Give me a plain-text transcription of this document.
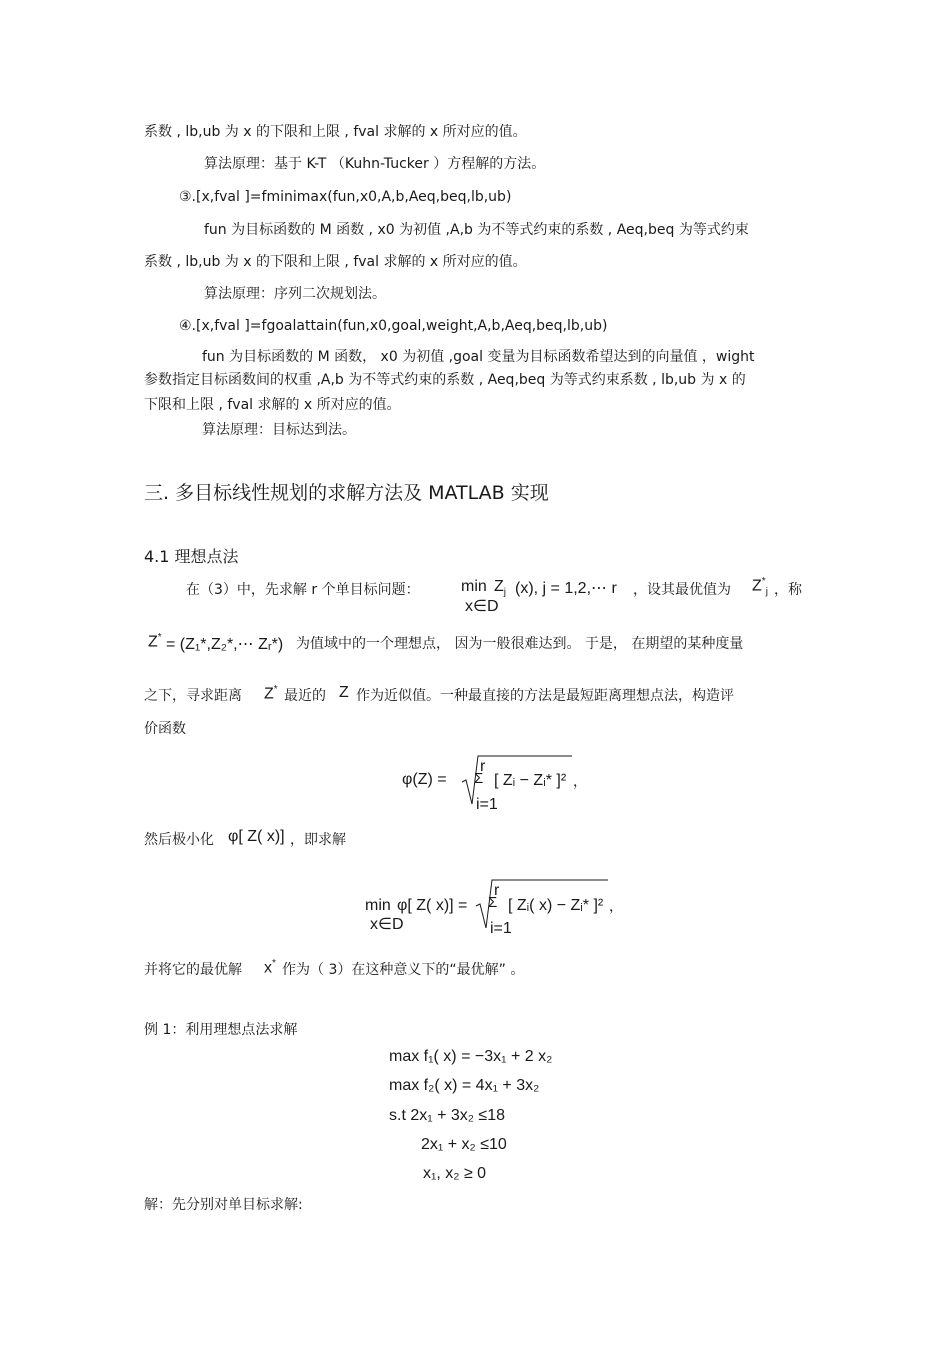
系数 , lb,ub 为 x 的下限和上限 , fval 求解的 x 所对应的值。
算法原理：基于 K-T （Kuhn-Tucker ）方程解的方法。
③.[x,fval ]=fminimax(fun,x0,A,b,Aeq,beq,lb,ub)
fun 为目标函数的 M 函数 , x0 为初值 ,A,b 为不等式约束的系数 , Aeq,beq 为等式约束
系数 , lb,ub 为 x 的下限和上限 , fval 求解的 x 所对应的值。
算法原理：序列二次规划法。
④.[x,fval ]=fgoalattain(fun,x0,goal,weight,A,b,Aeq,beq,lb,ub)
fun 为目标函数的 M 函数， x0 为初值 ,goal 变量为目标函数希望达到的向量值 ，wight
参数指定目标函数间的权重 ,A,b 为不等式约束的系数 , Aeq,beq 为等式约束系数 , lb,ub 为 x 的
下限和上限 , fval 求解的 x 所对应的值。
算法原理：目标达到法。
三. 多目标线性规划的求解方法及 MATLAB 实现
4.1 理想点法
在（3）中，先求解 r 个单目标问题：	min
x∈D
$Z_j$ (x), j = 1,2,⋯ r ，设其最优值为 $Z^*_j$ ，称
Z* = (Z₁*,Z₂*,⋯ Zᵣ*) 为值域中的一个理想点， 因为一般很难达到。 于是， 在期望的某种度量
之下，寻求距离 Z* 最近的 Z 作为近似值。一种最直接的方法是最短距离理想点法，构造评
价函数
φ(Z) =
r
Σ
i=1
[ Zᵢ − Zᵢ* ]² ，
然后极小化 φ[ Z( x)] ，即求解
min
x∈D
φ[ Z( x)] =
r
Σ
i=1
[ Zᵢ( x) − Zᵢ* ]² ，
并将它的最优解 x* 作为（ 3）在这种意义下的“最优解” 。
例 1：利用理想点法求解
max f₁( x) = −3x₁ + 2 x₂
max f₂( x) = 4x₁ + 3x₂
s.t 2x₁ + 3x₂ ≤18
2x₁ + x₂ ≤10
x₁, x₂ ≥ 0
解：先分别对单目标求解:
